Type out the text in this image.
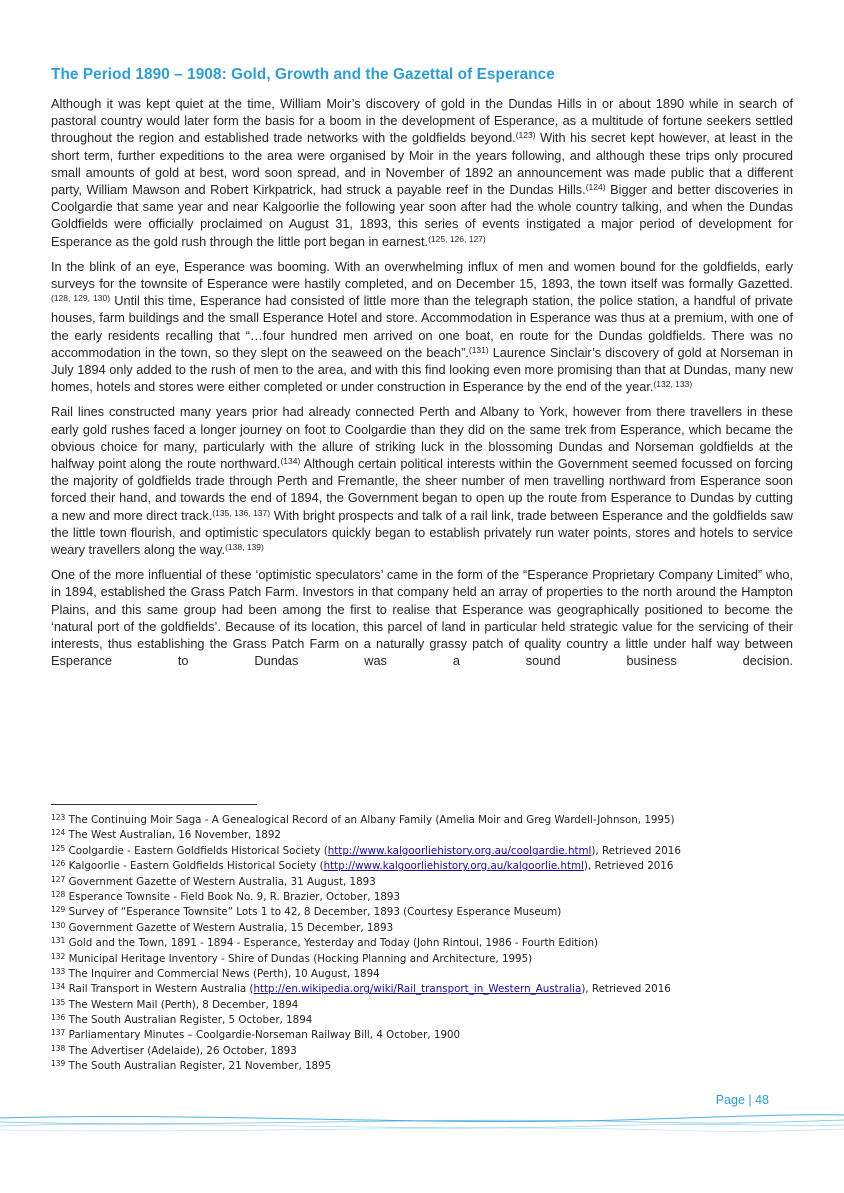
The Period 1890 – 1908: Gold, Growth and the Gazettal of Esperance

Although it was kept quiet at the time, William Moir’s discovery of gold in the Dundas Hills in or about 1890 while in search of pastoral country would later form the basis for a boom in the development of Esperance, as a multitude of fortune seekers settled throughout the region and established trade networks with the goldfields beyond.$^{(123)}$ With his secret kept however, at least in the short term, further expeditions to the area were organised by Moir in the years following, and although these trips only procured small amounts of gold at best, word soon spread, and in November of 1892 an announcement was made public that a different party, William Mawson and Robert Kirkpatrick, had struck a payable reef in the Dundas Hills.$^{(124)}$ Bigger and better discoveries in Coolgardie that same year and near Kalgoorlie the following year soon after had the whole country talking, and when the Dundas Goldfields were officially proclaimed on August 31, 1893, this series of events instigated a major period of development for Esperance as the gold rush through the little port began in earnest.$^{(125, 126, 127)}$

In the blink of an eye, Esperance was booming. With an overwhelming influx of men and women bound for the goldfields, early surveys for the townsite of Esperance were hastily completed, and on December 15, 1893, the town itself was formally Gazetted.$^{(128, 129, 130)}$ Until this time, Esperance had consisted of little more than the telegraph station, the police station, a handful of private houses, farm buildings and the small Esperance Hotel and store. Accommodation in Esperance was thus at a premium, with one of the early residents recalling that “…four hundred men arrived on one boat, en route for the Dundas goldfields. There was no accommodation in the town, so they slept on the seaweed on the beach”.$^{(131)}$ Laurence Sinclair’s discovery of gold at Norseman in July 1894 only added to the rush of men to the area, and with this find looking even more promising than that at Dundas, many new homes, hotels and stores were either completed or under construction in Esperance by the end of the year.$^{(132, 133)}$

Rail lines constructed many years prior had already connected Perth and Albany to York, however from there travellers in these early gold rushes faced a longer journey on foot to Coolgardie than they did on the same trek from Esperance, which became the obvious choice for many, particularly with the allure of striking luck in the blossoming Dundas and Norseman goldfields at the halfway point along the route northward.$^{(134)}$ Although certain political interests within the Government seemed focussed on forcing the majority of goldfields trade through Perth and Fremantle, the sheer number of men travelling northward from Esperance soon forced their hand, and towards the end of 1894, the Government began to open up the route from Esperance to Dundas by cutting a new and more direct track.$^{(135, 136, 137)}$ With bright prospects and talk of a rail link, trade between Esperance and the goldfields saw the little town flourish, and optimistic speculators quickly began to establish privately run water points, stores and hotels to service weary travellers along the way.$^{(138, 139)}$

One of the more influential of these ‘optimistic speculators’ came in the form of the “Esperance Proprietary Company Limited” who, in 1894, established the Grass Patch Farm. Investors in that company held an array of properties to the north around the Hampton Plains, and this same group had been among the first to realise that Esperance was geographically positioned to become the ‘natural port of the goldfields’. Because of its location, this parcel of land in particular held strategic value for the servicing of their interests, thus establishing the Grass Patch Farm on a naturally grassy patch of quality country a little under half way between Esperance to Dundas was a sound business decision.

$^{123}$ The Continuing Moir Saga - A Genealogical Record of an Albany Family (Amelia Moir and Greg Wardell-Johnson, 1995)
$^{124}$ The West Australian, 16 November, 1892
$^{125}$ Coolgardie - Eastern Goldfields Historical Society (http://www.kalgoorliehistory.org.au/coolgardie.html), Retrieved 2016
$^{126}$ Kalgoorlie - Eastern Goldfields Historical Society (http://www.kalgoorliehistory.org.au/kalgoorlie.html), Retrieved 2016
$^{127}$ Government Gazette of Western Australia, 31 August, 1893
$^{128}$ Esperance Townsite - Field Book No. 9, R. Brazier, October, 1893
$^{129}$ Survey of “Esperance Townsite” Lots 1 to 42, 8 December, 1893 (Courtesy Esperance Museum)
$^{130}$ Government Gazette of Western Australia, 15 December, 1893
$^{131}$ Gold and the Town, 1891 - 1894 - Esperance, Yesterday and Today (John Rintoul, 1986 - Fourth Edition)
$^{132}$ Municipal Heritage Inventory - Shire of Dundas (Hocking Planning and Architecture, 1995)
$^{133}$ The Inquirer and Commercial News (Perth), 10 August, 1894
$^{134}$ Rail Transport in Western Australia (http://en.wikipedia.org/wiki/Rail_transport_in_Western_Australia), Retrieved 2016
$^{135}$ The Western Mail (Perth), 8 December, 1894
$^{136}$ The South Australian Register, 5 October, 1894
$^{137}$ Parliamentary Minutes – Coolgardie-Norseman Railway Bill, 4 October, 1900
$^{138}$ The Advertiser (Adelaide), 26 October, 1893
$^{139}$ The South Australian Register, 21 November, 1895
Page | 48
